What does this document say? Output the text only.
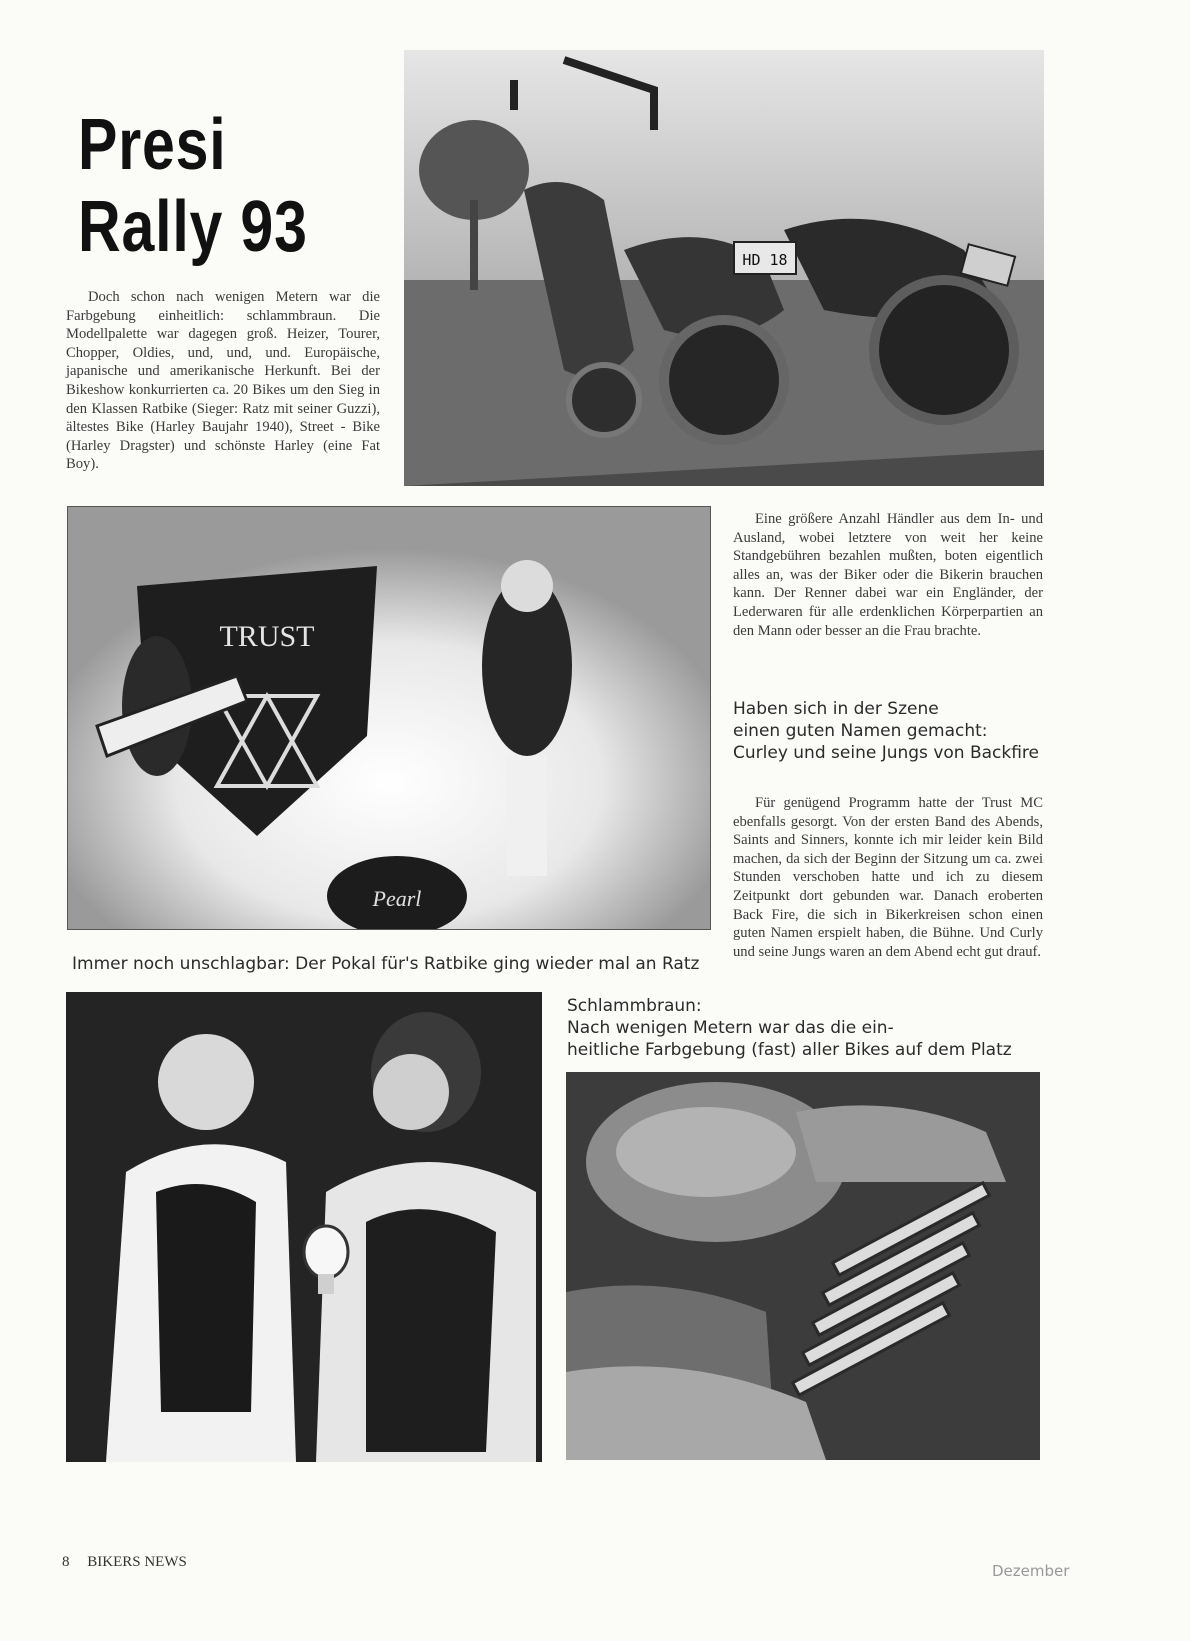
Presi
Rally 93

Doch schon nach wenigen Metern war die Farbgebung einheitlich: schlammbraun. Die Modellpalette war dagegen groß. Heizer, Tourer, Chopper, Oldies, und, und, und. Europäische, japanische und amerikanische Herkunft. Bei der Bikeshow konkurrierten ca. 20 Bikes um den Sieg in den Klassen Ratbike (Sieger: Ratz mit seiner Guzzi), ältestes Bike (Harley Baujahr 1940), Street - Bike (Harley Dragster) und schönste Harley (eine Fat Boy).

HD 18
TRUST
Pearl

Eine größere Anzahl Händler aus dem In- und Ausland, wobei letztere von weit her keine Standgebühren bezahlen mußten, boten eigentlich alles an, was der Biker oder die Bikerin brauchen kann. Der Renner dabei war ein Engländer, der Lederwaren für alle erdenklichen Körperpartien an den Mann oder besser an die Frau brachte.

Haben sich in der Szene
einen guten Namen gemacht:
Curley und seine Jungs von Backfire

Für genügend Programm hatte der Trust MC ebenfalls gesorgt. Von der ersten Band des Abends, Saints and Sinners, konnte ich mir leider kein Bild machen, da sich der Beginn der Sitzung um ca. zwei Stunden verschoben hatte und ich zu diesem Zeitpunkt dort gebunden war. Danach eroberten Back Fire, die sich in Bikerkreisen schon einen guten Namen erspielt haben, die Bühne. Und Curly und seine Jungs waren an dem Abend echt gut drauf.

Immer noch unschlagbar: Der Pokal für's Ratbike ging wieder mal an Ratz

Schlammbraun:
Nach wenigen Metern war das die ein-
heitliche Farbgebung (fast) aller Bikes auf dem Platz

8 BIKERS NEWS	Dezember
